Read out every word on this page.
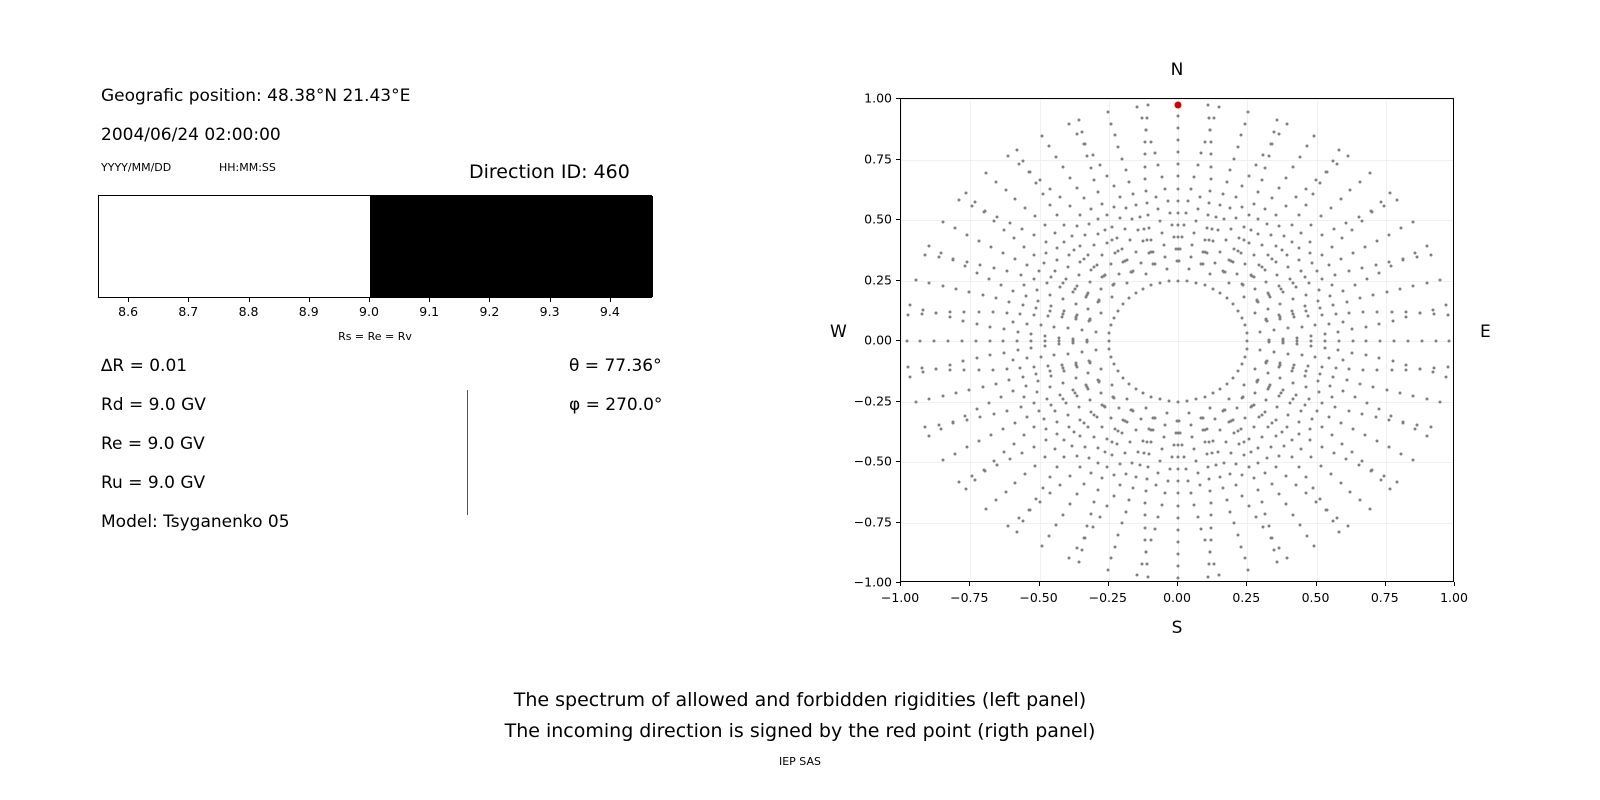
Geografic position: 48.38°N 21.43°E
2004/06/24 02:00:00
YYYY/MM/DD	HH:MM:SS	Direction ID: 460
8.6	8.7	8.8	8.9	9.0	9.1	9.2	9.3	9.4
Rs = Re = Rv
∆R = 0.01
Rd = 9.0 GV
Re = 9.0 GV
Ru = 9.0 GV
Model: Tsyganenko 05
θ = 77.36°
φ = 270.0°
N
S
W	E
−1.00 −0.75 −0.50 −0.25	0.00	0.25	0.50	0.75	1.00
−1.00
−0.75
−0.50
−0.25
0.00
0.25
0.50
0.75
1.00
The spectrum of allowed and forbidden rigidities (left panel)
The incoming direction is signed by the red point (rigth panel)
IEP SAS
